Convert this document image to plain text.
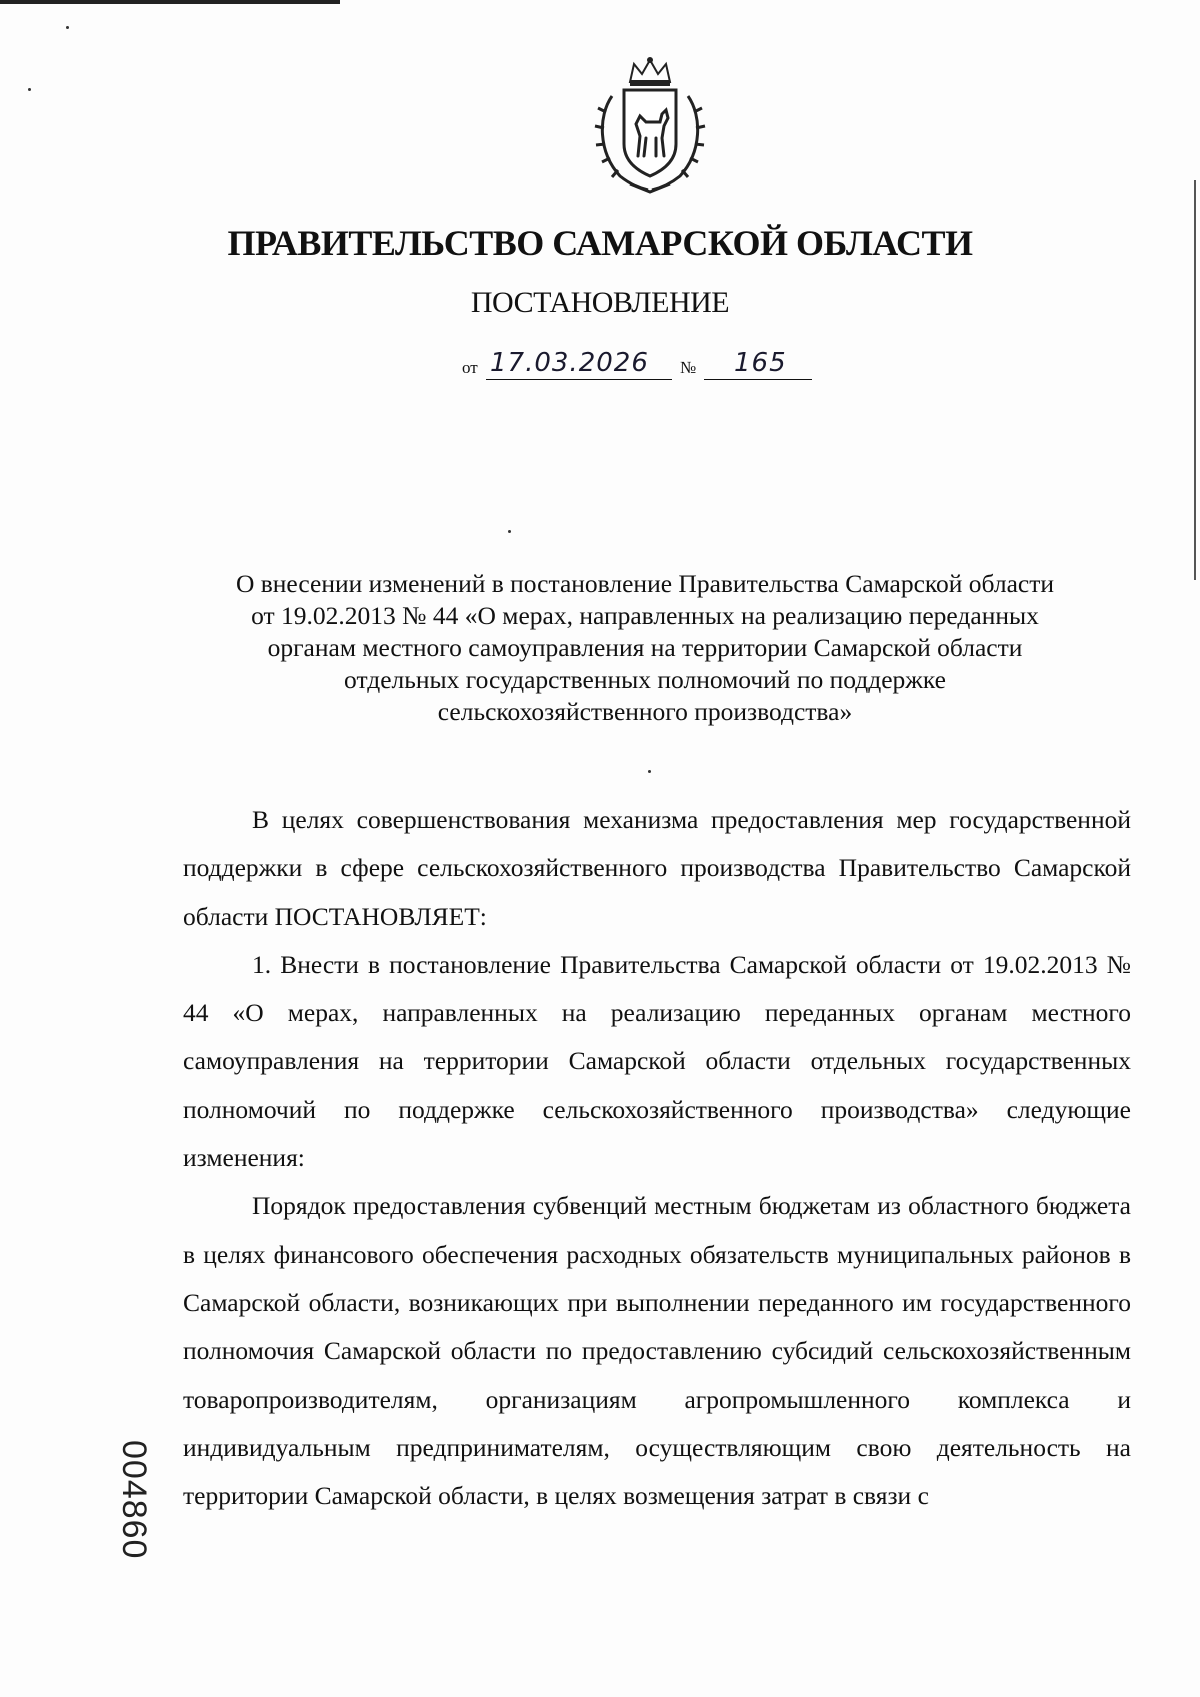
ПРАВИТЕЛЬСТВО САМАРСКОЙ ОБЛАСТИ
ПОСТАНОВЛЕНИЕ
от 17.03.2026 № 165
О внесении изменений в постановление Правительства Самарской области
от 19.02.2013 № 44 «О мерах, направленных на реализацию переданных
органам местного самоуправления на территории Самарской области
отдельных государственных полномочий по поддержке
сельскохозяйственного производства»

В целях совершенствования механизма предоставления мер государственной поддержки в сфере сельскохозяйственного производства Правительство Самарской области ПОСТАНОВЛЯЕТ:

1. Внести в постановление Правительства Самарской области от 19.02.2013 № 44 «О мерах, направленных на реализацию переданных органам местного самоуправления на территории Самарской области отдельных государственных полномочий по поддержке сельскохозяйственного производства» следующие изменения:

Порядок предоставления субвенций местным бюджетам из областного бюджета в целях финансового обеспечения расходных обязательств муниципальных районов в Самарской области, возникающих при выполнении переданного им государственного полномочия Самарской области по предоставлению субсидий сельскохозяйственным товаропроизводителям, организациям агропромышленного комплекса и индивидуальным предпринимателям, осуществляющим свою деятельность на территории Самарской области, в целях возмещения затрат в связи с

004860
